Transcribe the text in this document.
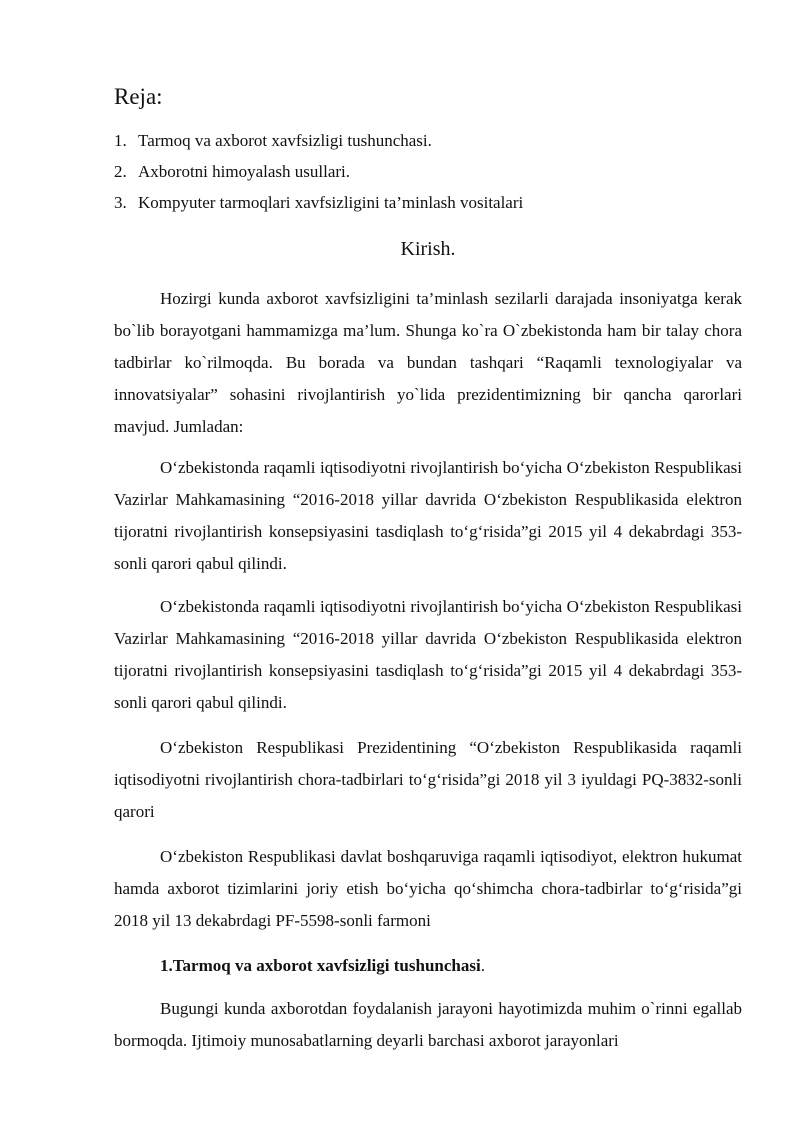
Reja:
1. Tarmoq va axborot xavfsizligi tushunchasi.
2. Axborotni himoyalash usullari.
3. Kompyuter tarmoqlari xavfsizligini ta’minlash vositalari
Kirish.

Hozirgi kunda axborot xavfsizligini ta’minlash sezilarli darajada insoniyatga kerak bo`lib borayotgani hammamizga ma’lum. Shunga ko`ra O`zbekistonda ham bir talay chora tadbirlar ko`rilmoqda. Bu borada va bundan tashqari “Raqamli texnologiyalar va innovatsiyalar” sohasini rivojlantirish yo`lida prezidentimizning bir qancha qarorlari mavjud. Jumladan:

O‘zbekistonda raqamli iqtisodiyotni rivojlantirish bo‘yicha O‘zbekiston Respublikasi Vazirlar Mahkamasining “2016-2018 yillar davrida O‘zbekiston Respublikasida elektron tijoratni rivojlantirish konsepsiyasini tasdiqlash to‘g‘risida”gi 2015 yil 4 dekabrdagi 353-sonli qarori qabul qilindi.

O‘zbekistonda raqamli iqtisodiyotni rivojlantirish bo‘yicha O‘zbekiston Respublikasi Vazirlar Mahkamasining “2016-2018 yillar davrida O‘zbekiston Respublikasida elektron tijoratni rivojlantirish konsepsiyasini tasdiqlash to‘g‘risida”gi 2015 yil 4 dekabrdagi 353-sonli qarori qabul qilindi.

O‘zbekiston Respublikasi Prezidentining “O‘zbekiston Respublikasida raqamli iqtisodiyotni rivojlantirish chora-tadbirlari to‘g‘risida”gi 2018 yil 3 iyuldagi PQ-3832-sonli qarori

O‘zbekiston Respublikasi davlat boshqaruviga raqamli iqtisodiyot, elektron hukumat hamda axborot tizimlarini joriy etish bo‘yicha qo‘shimcha chora-tadbirlar to‘g‘risida”gi 2018 yil 13 dekabrdagi PF-5598-sonli farmoni

1.Tarmoq va axborot xavfsizligi tushunchasi.

Bugungi kunda axborotdan foydalanish jarayoni hayotimizda muhim o`rinni egallab bormoqda. Ijtimoiy munosabatlarning deyarli barchasi axborot jarayonlari
